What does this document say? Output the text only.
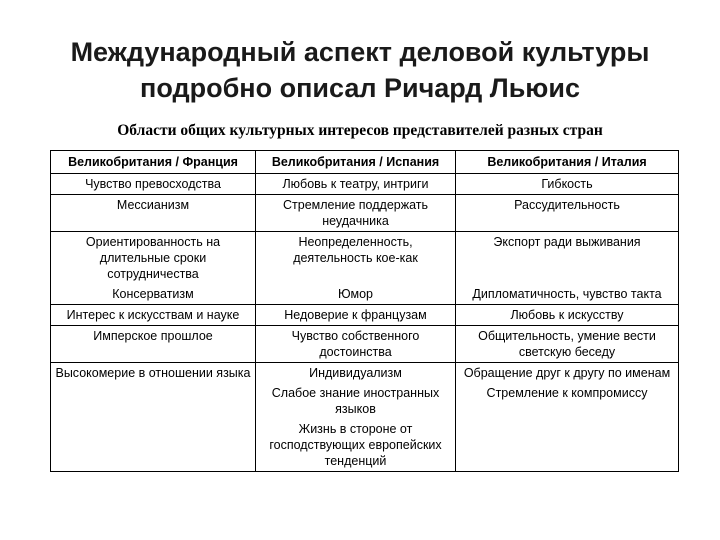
Международный аспект деловой культуры
подробно описал Ричард Льюис
Области общих культурных интересов представителей разных стран
Великобритания / Франция	Великобритания / Испания	Великобритания / Италия
Чувство превосходства	Любовь к театру, интриги	Гибкость
Мессианизм	Стремление поддержать неудачника	Рассудительность
Ориентированность на длительные сроки сотрудничества	Неопределенность, деятельность кое-как	Экспорт ради выживания
Консерватизм	Юмор	Дипломатичность, чувство такта
Интерес к искусствам и науке	Недоверие к французам	Любовь к искусству
Имперское прошлое	Чувство собственного достоинства	Общительность, умение вести светскую беседу
Высокомерие в отношении языка	Индивидуализм	Обращение друг к другу по именам
	Слабое знание иностранных языков	Стремление к компромиссу
	Жизнь в стороне от господствующих европейских тенденций	
